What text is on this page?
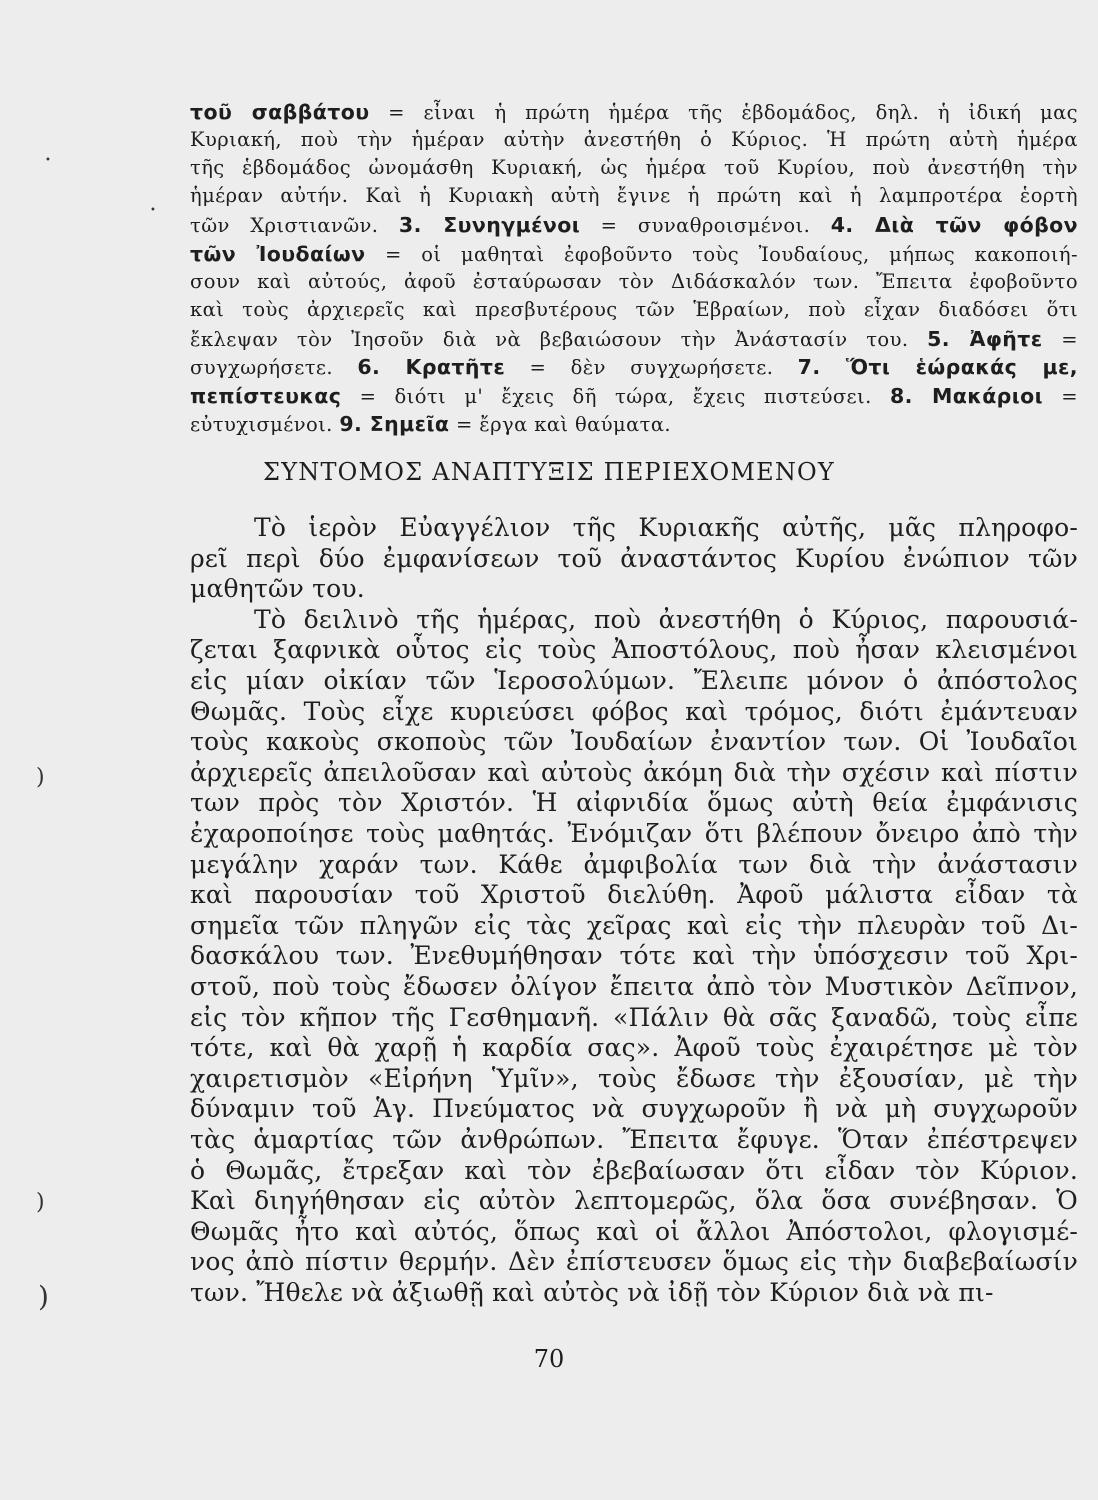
τοῦ σαββάτου = εἶναι ἡ πρώτη ἡμέρα τῆς ἑβδομάδος, δηλ. ἡ ἰδική μας
Κυριακή, ποὺ τὴν ἡμέραν αὐτὴν ἀνεστήθη ὁ Κύριος. Ἡ πρώτη αὐτὴ ἡμέρα
τῆς ἑβδομάδος ὠνομάσθη Κυριακή, ὡς ἡμέρα τοῦ Κυρίου, ποὺ ἀνεστήθη τὴν
ἡμέραν αὐτήν. Καὶ ἡ Κυριακὴ αὐτὴ ἔγινε ἡ πρώτη καὶ ἡ λαμπροτέρα ἑορτὴ
τῶν Χριστιανῶν. 3. Συνηγμένοι = συναθροισμένοι. 4. Διὰ τῶν φόβον
τῶν Ἰουδαίων = οἱ μαθηταὶ ἐφοβοῦντο τοὺς Ἰουδαίους, μήπως κακοποιή-
σουν καὶ αὐτούς, ἀφοῦ ἐσταύρωσαν τὸν Διδάσκαλόν των. Ἔπειτα ἐφοβοῦντο
καὶ τοὺς ἀρχιερεῖς καὶ πρεσβυτέρους τῶν Ἑβραίων, ποὺ εἶχαν διαδόσει ὅτι
ἔκλεψαν τὸν Ἰησοῦν διὰ νὰ βεβαιώσουν τὴν Ἀνάστασίν του. 5. Ἀφῆτε =
συγχωρήσετε. 6. Κρατῆτε = δὲν συγχωρήσετε. 7. Ὅτι ἑώρακάς με,
πεπίστευκας = διότι μ' ἔχεις δῆ τώρα, ἔχεις πιστεύσει. 8. Μακάριοι =
εὐτυχισμένοι. 9. Σημεῖα = ἔργα καὶ θαύματα.
ΣΥΝΤΟΜΟΣ ΑΝΑΠΤΥΞΙΣ ΠΕΡΙΕΧΟΜΕΝΟΥ
Τὸ ἱερὸν Εὐαγγέλιον τῆς Κυριακῆς αὐτῆς, μᾶς πληροφο-
ρεῖ περὶ δύο ἐμφανίσεων τοῦ ἀναστάντος Κυρίου ἐνώπιον τῶν
μαθητῶν του.
Τὸ δειλινὸ τῆς ἡμέρας, ποὺ ἀνεστήθη ὁ Κύριος, παρουσιά-
ζεται ξαφνικὰ οὗτος εἰς τοὺς Ἀποστόλους, ποὺ ἦσαν κλεισμένοι
εἰς μίαν οἰκίαν τῶν Ἱεροσολύμων. Ἔλειπε μόνον ὁ ἀπόστολος
Θωμᾶς. Τοὺς εἶχε κυριεύσει φόβος καὶ τρόμος, διότι ἐμάντευαν
τοὺς κακοὺς σκοποὺς τῶν Ἰουδαίων ἐναντίον των. Οἱ Ἰουδαῖοι
ἀρχιερεῖς ἀπειλοῦσαν καὶ αὐτοὺς ἀκόμη διὰ τὴν σχέσιν καὶ πίστιν
των πρὸς τὸν Χριστόν. Ἡ αἰφνιδία ὅμως αὐτὴ θεία ἐμφάνισις
ἐχαροποίησε τοὺς μαθητάς. Ἐνόμιζαν ὅτι βλέπουν ὄνειρο ἀπὸ τὴν
μεγάλην χαράν των. Κάθε ἀμφιβολία των διὰ τὴν ἀνάστασιν
καὶ παρουσίαν τοῦ Χριστοῦ διελύθη. Ἀφοῦ μάλιστα εἶδαν τὰ
σημεῖα τῶν πληγῶν εἰς τὰς χεῖρας καὶ εἰς τὴν πλευρὰν τοῦ Δι-
δασκάλου των. Ἐνεθυμήθησαν τότε καὶ τὴν ὑπόσχεσιν τοῦ Χρι-
στοῦ, ποὺ τοὺς ἔδωσεν ὀλίγον ἔπειτα ἀπὸ τὸν Μυστικὸν Δεῖπνον,
εἰς τὸν κῆπον τῆς Γεσθημανῆ. «Πάλιν θὰ σᾶς ξαναδῶ, τοὺς εἶπε
τότε, καὶ θὰ χαρῇ ἡ καρδία σας». Ἀφοῦ τοὺς ἐχαιρέτησε μὲ τὸν
χαιρετισμὸν «Εἰρήνη Ὑμῖν», τοὺς ἔδωσε τὴν ἐξουσίαν, μὲ τὴν
δύναμιν τοῦ Ἁγ. Πνεύματος νὰ συγχωροῦν ἢ νὰ μὴ συγχωροῦν
τὰς ἁμαρτίας τῶν ἀνθρώπων. Ἔπειτα ἔφυγε. Ὅταν ἐπέστρεψεν
ὁ Θωμᾶς, ἔτρεξαν καὶ τὸν ἐβεβαίωσαν ὅτι εἶδαν τὸν Κύριον.
Καὶ διηγήθησαν εἰς αὐτὸν λεπτομερῶς, ὅλα ὅσα συνέβησαν. Ὁ
Θωμᾶς ἦτο καὶ αὐτός, ὅπως καὶ οἱ ἄλλοι Ἀπόστολοι, φλογισμέ-
νος ἀπὸ πίστιν θερμήν. Δὲν ἐπίστευσεν ὅμως εἰς τὴν διαβεβαίωσίν
των. Ἤθελε νὰ ἀξιωθῇ καὶ αὐτὸς νὰ ἰδῇ τὸν Κύριον διὰ νὰ πι-
70
•
•
)
)
)
